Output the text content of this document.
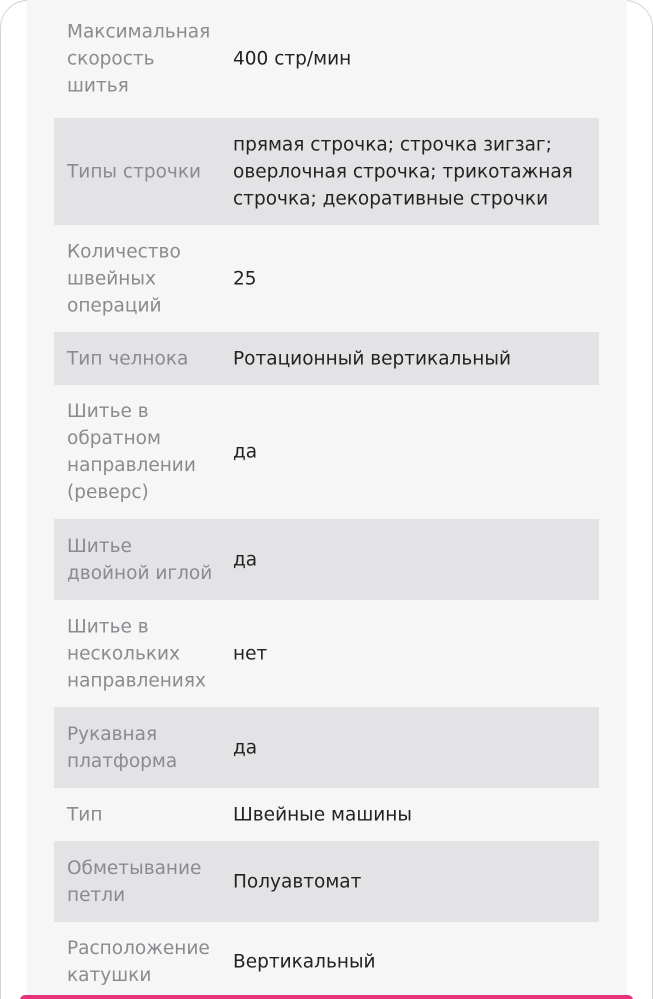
Максимальная скорость шитья
400 стр/мин
Типы строчки
прямая строчка; строчка зигзаг; оверлочная строчка; трикотажная строчка; декоративные строчки
Количество швейных операций
25
Тип челнока	Ротационный вертикальный
Шитье в обратном направлении (реверс)
да
Шитье двойной иглой
да
Шитье в нескольких направлениях
нет
Рукавная платформа
да
Тип	Швейные машины
Обметывание петли
Полуавтомат
Расположение катушки
Вертикальный
